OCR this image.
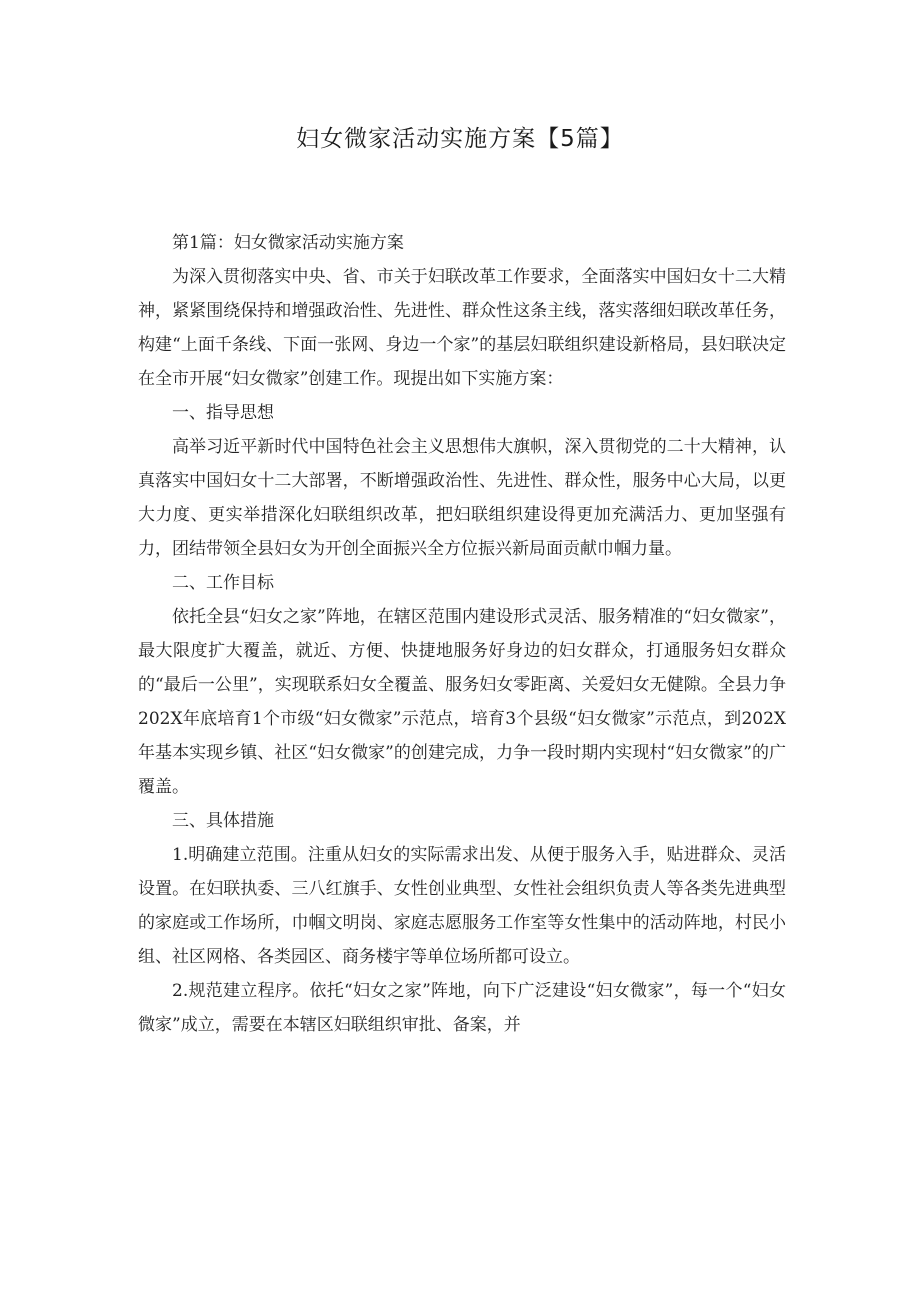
妇女微家活动实施方案【5篇】

第1篇：妇女微家活动实施方案

为深入贯彻落实中央、省、市关于妇联改革工作要求，全面落实中国妇女十二大精神，紧紧围绕保持和增强政治性、先进性、群众性这条主线，落实落细妇联改革任务，构建“上面千条线、下面一张网、身边一个家”的基层妇联组织建设新格局，县妇联决定在全市开展“妇女微家”创建工作。现提出如下实施方案：

一、指导思想

高举习近平新时代中国特色社会主义思想伟大旗帜，深入贯彻党的二十大精神，认真落实中国妇女十二大部署，不断增强政治性、先进性、群众性，服务中心大局，以更大力度、更实举措深化妇联组织改革，把妇联组织建设得更加充满活力、更加坚强有力，团结带领全县妇女为开创全面振兴全方位振兴新局面贡献巾帼力量。

二、工作目标

依托全县“妇女之家”阵地，在辖区范围内建设形式灵活、服务精准的“妇女微家”，最大限度扩大覆盖，就近、方便、快捷地服务好身边的妇女群众，打通服务妇女群众的“最后一公里”，实现联系妇女全覆盖、服务妇女零距离、关爱妇女无健隙。全县力争202X年底培育1个市级“妇女微家”示范点，培育3个县级“妇女微家”示范点，到202X年基本实现乡镇、社区“妇女微家”的创建完成，力争一段时期内实现村“妇女微家”的广覆盖。

三、具体措施

1.明确建立范围。注重从妇女的实际需求出发、从便于服务入手，贴进群众、灵活设置。在妇联执委、三八红旗手、女性创业典型、女性社会组织负责人等各类先进典型的家庭或工作场所，巾帼文明岗、家庭志愿服务工作室等女性集中的活动阵地，村民小组、社区网格、各类园区、商务楼宇等单位场所都可设立。

2.规范建立程序。依托“妇女之家”阵地，向下广泛建设“妇女微家”，每一个“妇女微家”成立，需要在本辖区妇联组织审批、备案，并
